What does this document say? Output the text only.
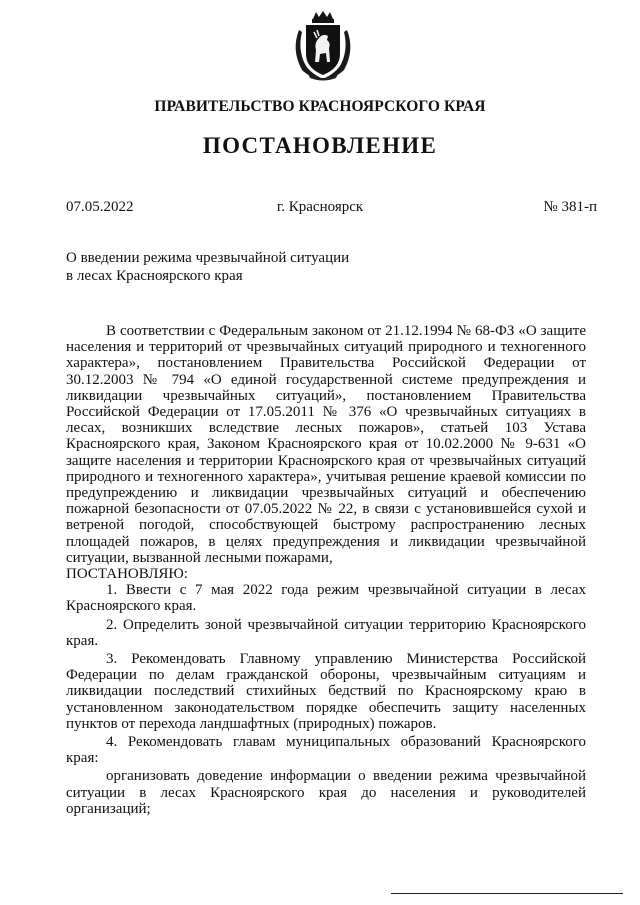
ПРАВИТЕЛЬСТВО КРАСНОЯРСКОГО КРАЯ
ПОСТАНОВЛЕНИЕ
г. Красноярск
07.05.2022	№ 381-п
О введении режима чрезвычайной ситуации
в лесах Красноярского края

В соответствии с Федеральным законом от 21.12.1994 № 68-ФЗ «О защите населения и территорий от чрезвычайных ситуаций природного и техногенного характера», постановлением Правительства Российской Федерации от 30.12.2003 № 794 «О единой государственной системе предупреждения и ликвидации чрезвычайных ситуаций», постановлением Правительства Российской Федерации от 17.05.2011 № 376 «О чрезвычайных ситуациях в лесах, возникших вследствие лесных пожаров», статьей 103 Устава Красноярского края, Законом Красноярского края от 10.02.2000 № 9-631 «О защите населения и территории Красноярского края от чрезвычайных ситуаций природного и техногенного характера», учитывая решение краевой комиссии по предупреждению и ликвидации чрезвычайных ситуаций и обеспечению пожарной безопасности от 07.05.2022 № 22, в связи с установившейся сухой и ветреной погодой, способствующей быстрому распространению лесных площадей пожаров, в целях предупреждения и ликвидации чрезвычайной ситуации, вызванной лесными пожарами,

ПОСТАНОВЛЯЮ:

1. Ввести с 7 мая 2022 года режим чрезвычайной ситуации в лесах Красноярского края.

2. Определить зоной чрезвычайной ситуации территорию Красноярского края.

3. Рекомендовать Главному управлению Министерства Российской Федерации по делам гражданской обороны, чрезвычайным ситуациям и ликвидации последствий стихийных бедствий по Красноярскому краю в установленном законодательством порядке обеспечить защиту населенных пунктов от перехода ландшафтных (природных) пожаров.

4. Рекомендовать главам муниципальных образований Красноярского края:

организовать доведение информации о введении режима чрезвычайной ситуации в лесах Красноярского края до населения и руководителей организаций;
